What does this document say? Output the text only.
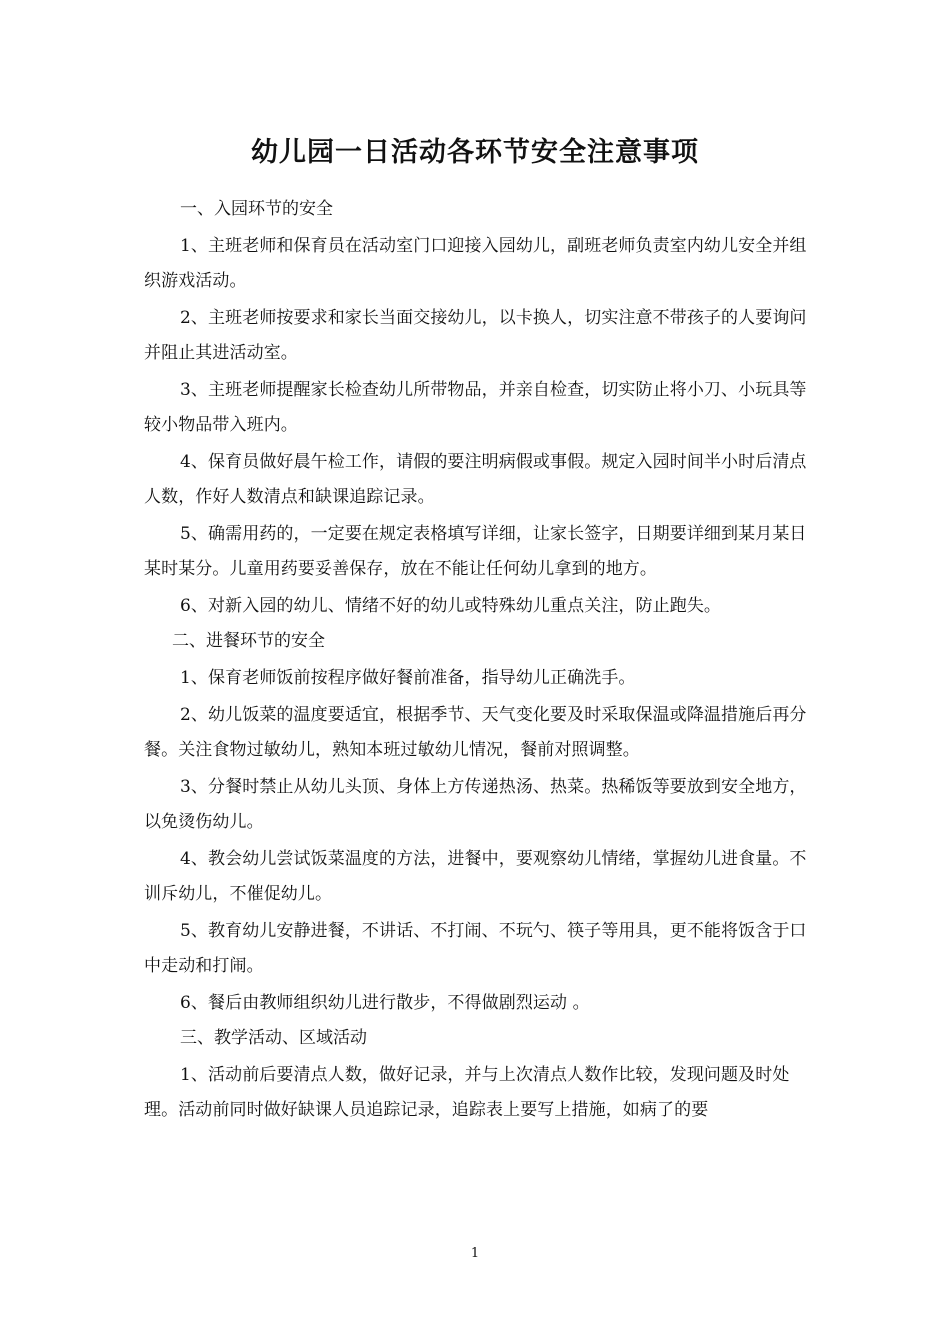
幼儿园一日活动各环节安全注意事项

一、入园环节的安全

1、主班老师和保育员在活动室门口迎接入园幼儿，副班老师负责室内幼儿安全并组织游戏活动。

2、主班老师按要求和家长当面交接幼儿，以卡换人，切实注意不带孩子的人要询问并阻止其进活动室。

3、主班老师提醒家长检查幼儿所带物品，并亲自检查，切实防止将小刀、小玩具等较小物品带入班内。

4、保育员做好晨午检工作，请假的要注明病假或事假。规定入园时间半小时后清点人数，作好人数清点和缺课追踪记录。

5、确需用药的，一定要在规定表格填写详细，让家长签字，日期要详细到某月某日某时某分。儿童用药要妥善保存，放在不能让任何幼儿拿到的地方。

6、对新入园的幼儿、情绪不好的幼儿或特殊幼儿重点关注，防止跑失。

二、进餐环节的安全

1、保育老师饭前按程序做好餐前准备，指导幼儿正确洗手。

2、幼儿饭菜的温度要适宜，根据季节、天气变化要及时采取保温或降温措施后再分餐。关注食物过敏幼儿，熟知本班过敏幼儿情况，餐前对照调整。

3、分餐时禁止从幼儿头顶、身体上方传递热汤、热菜。热稀饭等要放到安全地方，以免烫伤幼儿。

4、教会幼儿尝试饭菜温度的方法，进餐中，要观察幼儿情绪，掌握幼儿进食量。不训斥幼儿，不催促幼儿。

5、教育幼儿安静进餐，不讲话、不打闹、不玩勺、筷子等用具，更不能将饭含于口中走动和打闹。

6、餐后由教师组织幼儿进行散步，不得做剧烈运动 。

三、教学活动、区域活动

1、活动前后要清点人数，做好记录，并与上次清点人数作比较，发现问题及时处理。活动前同时做好缺课人员追踪记录，追踪表上要写上措施，如病了的要

1
